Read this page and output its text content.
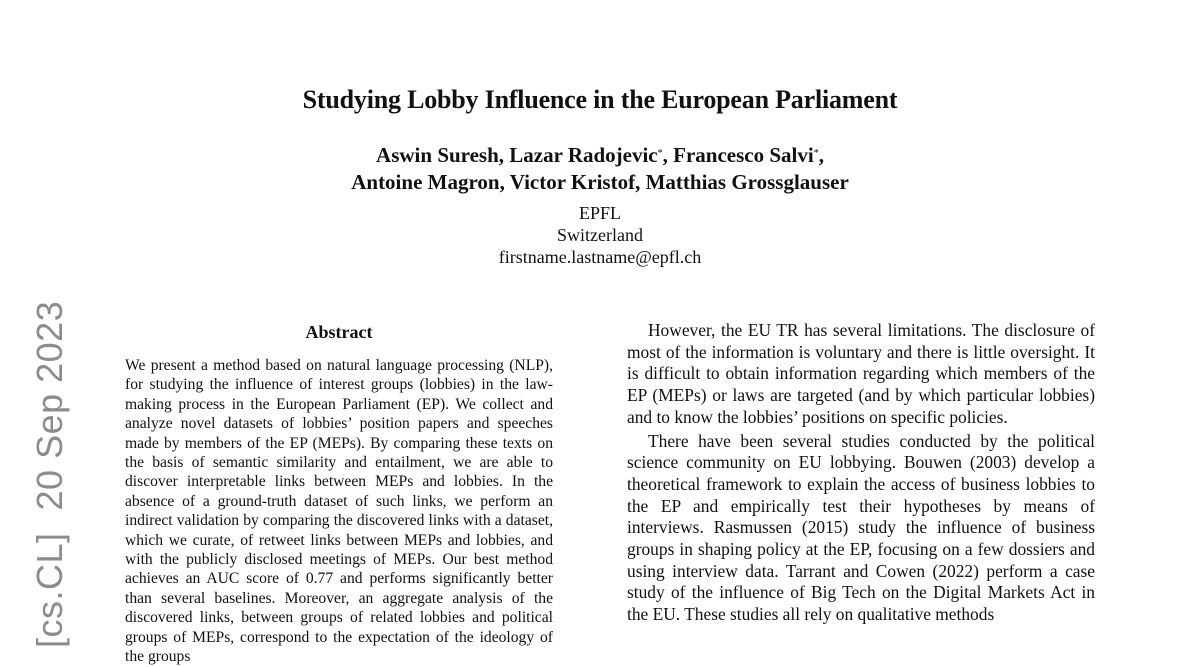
[cs.CL]20 Sep 2023
Studying Lobby Influence in the European Parliament
Aswin Suresh, Lazar Radojevic*, Francesco Salvi*,
Antoine Magron, Victor Kristof, Matthias Grossglauser
EPFL
Switzerland
firstname.lastname@epfl.ch
Abstract
We present a method based on natural language processing (NLP), for studying the influence of interest groups (lobbies) in the law-making process in the European Parliament (EP). We collect and analyze novel datasets of lobbies’ position papers and speeches made by members of the EP (MEPs). By comparing these texts on the basis of semantic similarity and entailment, we are able to discover interpretable links between MEPs and lobbies. In the absence of a ground-truth dataset of such links, we perform an indirect validation by comparing the discovered links with a dataset, which we curate, of retweet links between MEPs and lobbies, and with the publicly disclosed meetings of MEPs. Our best method achieves an AUC score of 0.77 and performs significantly better than several baselines. Moreover, an aggregate analysis of the discovered links, between groups of related lobbies and political groups of MEPs, correspond to the expectation of the ideology of the groups

However, the EU TR has several limitations. The disclosure of most of the information is voluntary and there is little oversight. It is difficult to obtain information regarding which members of the EP (MEPs) or laws are targeted (and by which particular lobbies) and to know the lobbies’ positions on specific policies.

There have been several studies conducted by the political science community on EU lobbying. Bouwen (2003) develop a theoretical framework to explain the access of business lobbies to the EP and empirically test their hypotheses by means of interviews. Rasmussen (2015) study the influence of business groups in shaping policy at the EP, focusing on a few dossiers and using interview data. Tarrant and Cowen (2022) perform a case study of the influence of Big Tech on the Digital Markets Act in the EU. These studies all rely on qualitative methods
